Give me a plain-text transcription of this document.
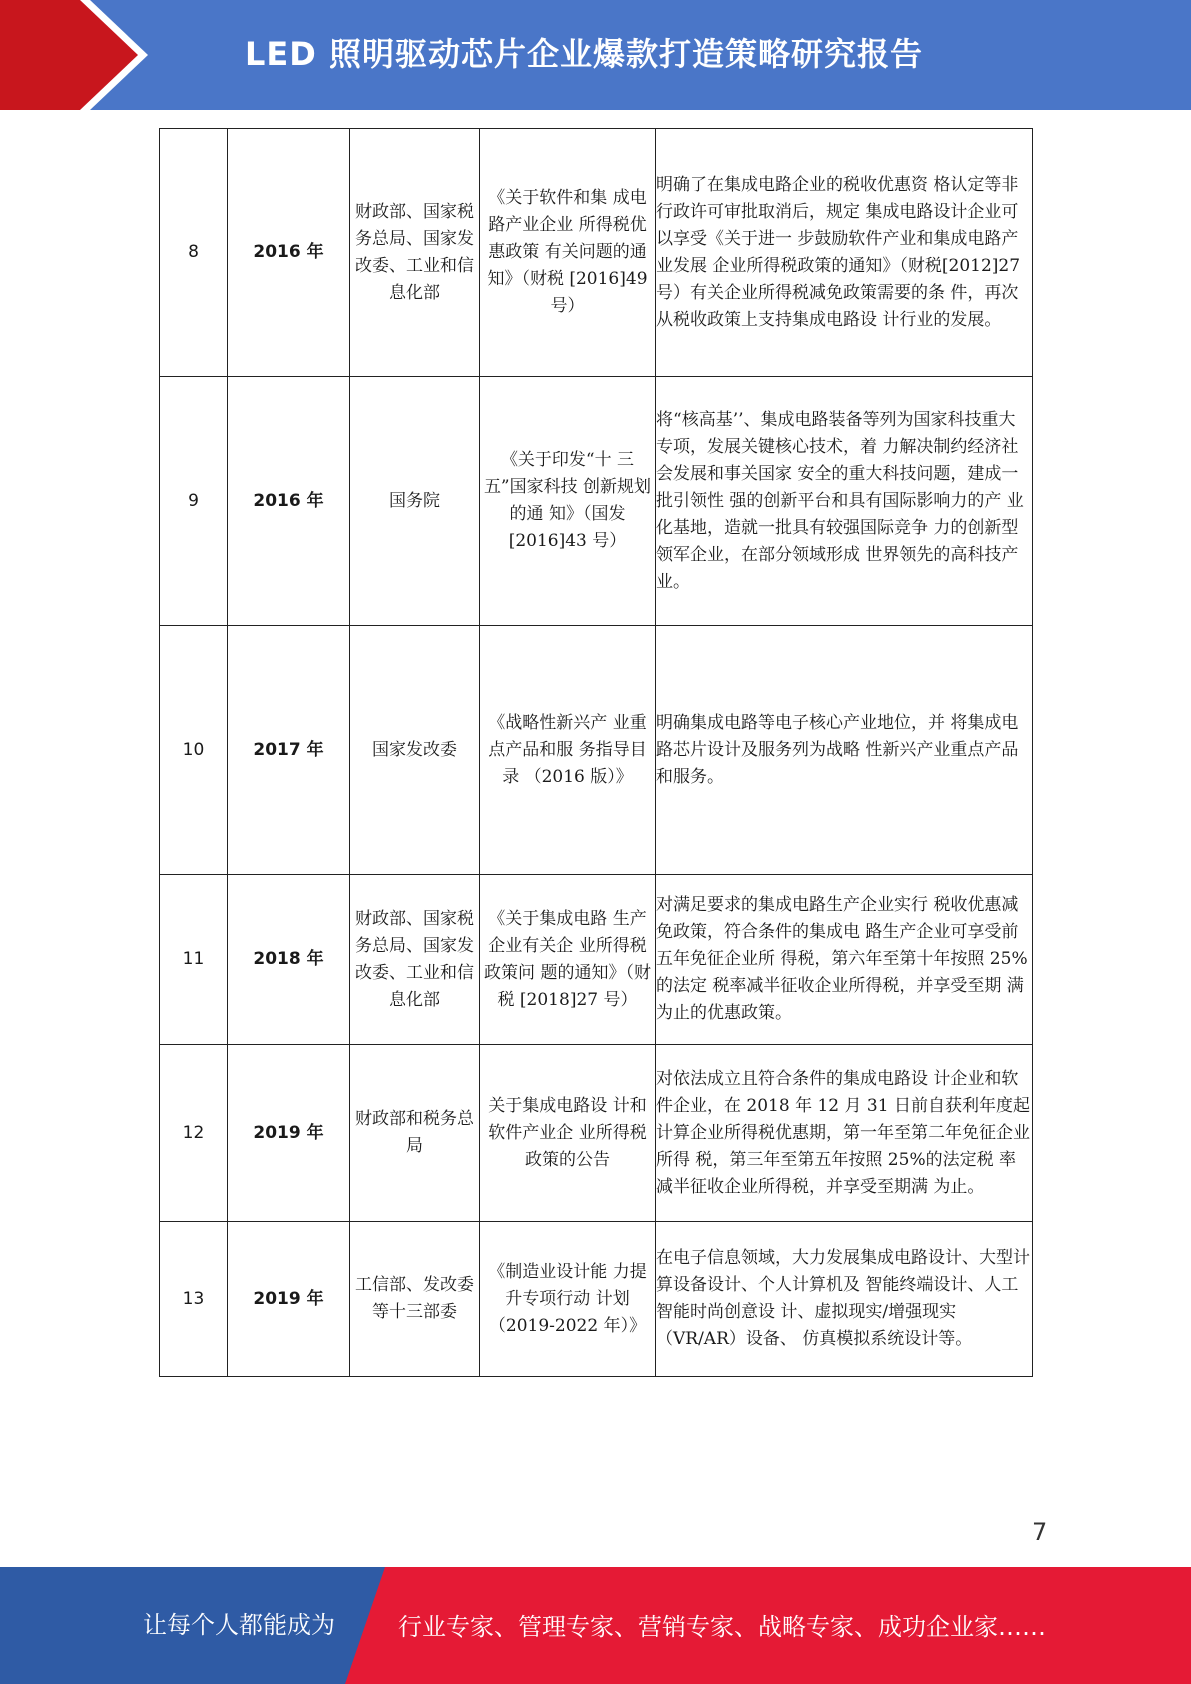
LED 照明驱动芯片企业爆款打造策略研究报告
8	2016 年	财政部、国家税务总局、国家发改委、工业和信息化部	《关于软件和集 成电路产业企业 所得税优惠政策 有关问题的通 知》（财税 [2016]49 号）	明确了在集成电路企业的税收优惠资 格认定等非行政许可审批取消后，规定 集成电路设计企业可以享受《关于进一 步鼓励软件产业和集成电路产业发展 企业所得税政策的通知》（财税[2012]27 号）有关企业所得税减免政策需要的条 件，再次从税收政策上支持集成电路设 计行业的发展。
9	2016 年	国务院	《关于印发“十 三五”国家科技 创新规划的通 知》（国发 [2016]43 号）	将“核高基’’、集成电路装备等列为国家科技重大专项，发展关键核心技术，着 力解决制约经济社会发展和事关国家 安全的重大科技问题，建成一批引领性 强的创新平台和具有国际影响力的产 业化基地，造就一批具有较强国际竞争 力的创新型领军企业，在部分领域形成 世界领先的高科技产业。
10	2017 年	国家发改委	《战略性新兴产 业重点产品和服 务指导目录 （2016 版）》	明确集成电路等电子核心产业地位，并 将集成电路芯片设计及服务列为战略 性新兴产业重点产品和服务。
11	2018 年	财政部、国家税务总局、国家发改委、工业和信息化部	《关于集成电路 生产企业有关企 业所得税政策问 题的通知》（财 税 [2018]27 号）	对满足要求的集成电路生产企业实行 税收优惠减免政策，符合条件的集成电 路生产企业可享受前五年免征企业所 得税，第六年至第十年按照 25%的法定 税率减半征收企业所得税，并享受至期 满为止的优惠政策。
12	2019 年	财政部和税务总局	关于集成电路设 计和软件产业企 业所得税政策的公告	对依法成立且符合条件的集成电路设 计企业和软件企业，在 2018 年 12 月 31 日前自获利年度起计算企业所得税优惠期，第一年至第二年免征企业所得 税，第三年至第五年按照 25%的法定税 率减半征收企业所得税，并享受至期满 为止。
13	2019 年	工信部、发改委等十三部委	《制造业设计能 力提升专项行动 计划（2019-2022 年）》	在电子信息领域，大力发展集成电路设计、大型计算设备设计、个人计算机及 智能终端设计、人工智能时尚创意设 计、虚拟现实/增强现实（VR/AR）设备、 仿真模拟系统设计等。
7
让每个人都能成为	行业专家、管理专家、营销专家、战略专家、成功企业家……
